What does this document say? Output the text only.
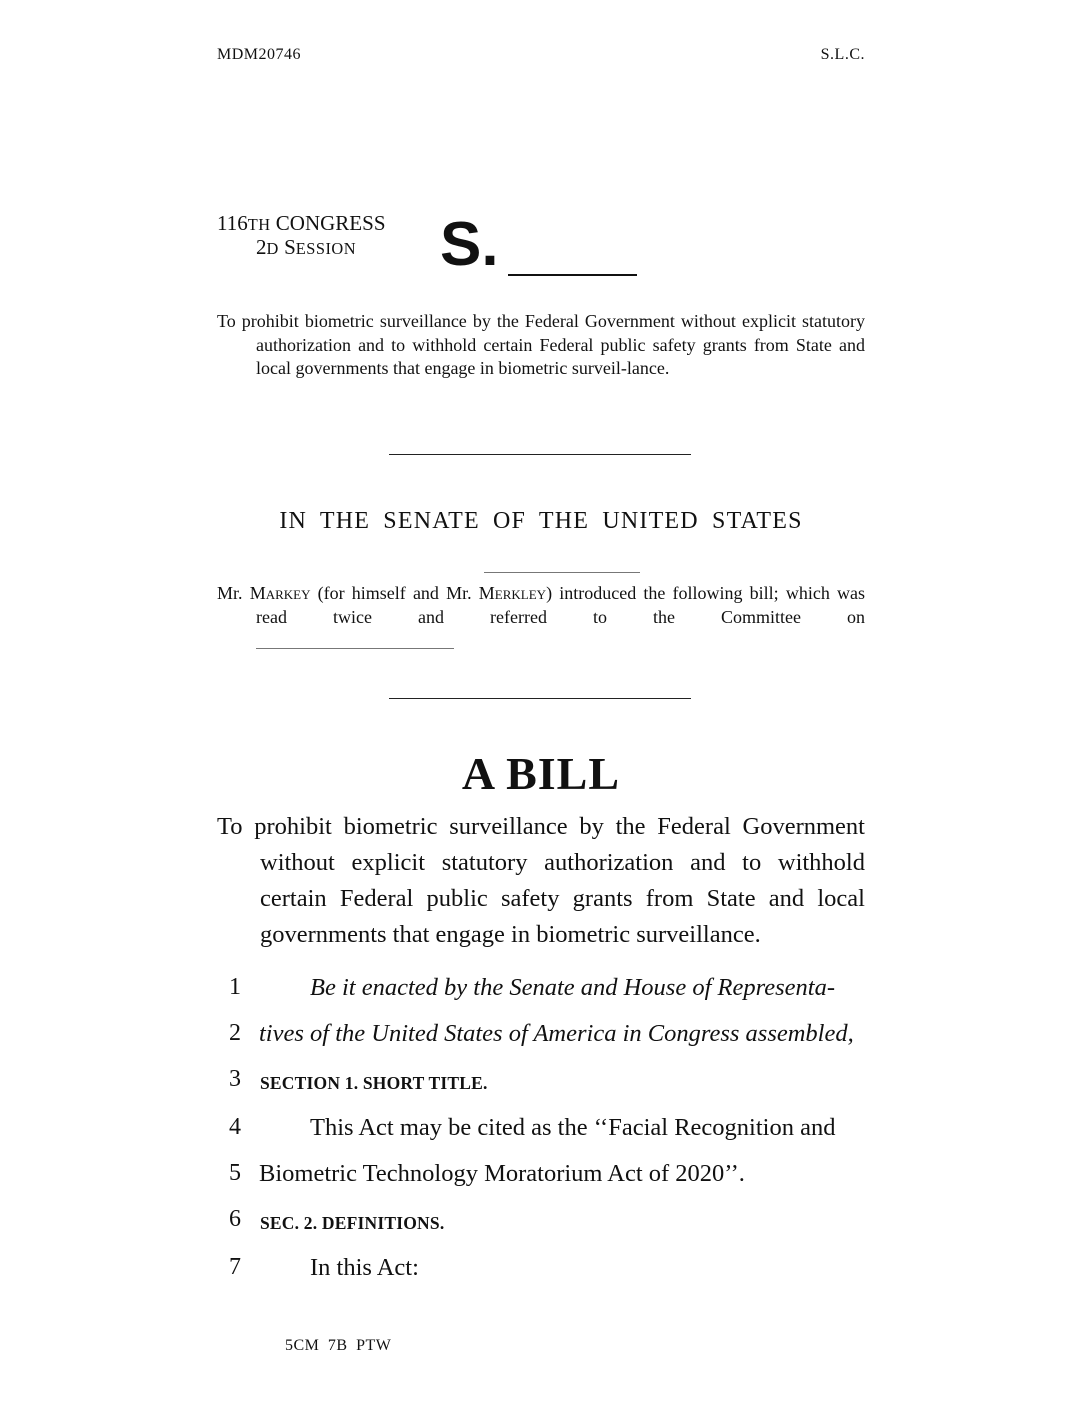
MDM20746	S.L.C.
116TH CONGRESS
2D SESSION S.
To prohibit biometric surveillance by the Federal Government without explicit statutory authorization and to withhold certain Federal public safety grants from State and local governments that engage in biometric surveil-lance.
IN THE SENATE OF THE UNITED STATES
Mr. Markey (for himself and Mr. Merkley) introduced the following bill; which was read twice and referred to the Committee on
A BILL
To prohibit biometric surveillance by the Federal Government without explicit statutory authorization and to withhold certain Federal public safety grants from State and local governments that engage in biometric surveillance.
1	Be it enacted by the Senate and House of Representa-
2 tives of the United States of America in Congress assembled,
3	SECTION 1. SHORT TITLE.
4	This Act may be cited as the ‘‘Facial Recognition and
5 Biometric Technology Moratorium Act of 2020’’.
6	SEC. 2. DEFINITIONS.
7	In this Act:
5CM 7B PTW
